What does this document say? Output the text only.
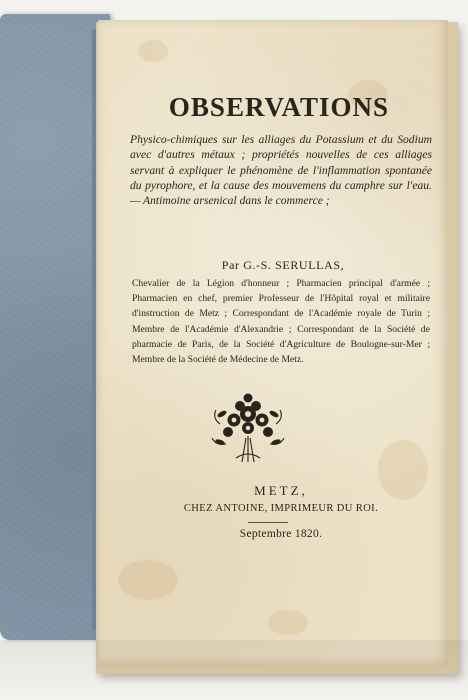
OBSERVATIONS
Physico-chimiques sur les alliages du Potassium et du Sodium avec d'autres métaux ; propriétés nouvelles de ces alliages servant à expliquer le phénomène de l'inflammation spontanée du pyrophore, et la cause des mouvemens du camphre sur l'eau. — Antimoine arsenical dans le commerce ;
Par G.-S. SERULLAS,
Chevalier de la Légion d'honneur ; Pharmacien principal d'armée ; Pharmacien en chef, premier Professeur de l'Hôpital royal et militaire d'instruction de Metz ; Correspondant de l'Académie royale de Turin ; Membre de l'Académie d'Alexandrie ; Correspondant de la Société de pharmacie de Paris, de la Société d'Agriculture de Boulogne-sur-Mer ; Membre de la Société de Médecine de Metz.
METZ,
CHEZ ANTOINE, IMPRIMEUR DU ROI.
Septembre 1820.
